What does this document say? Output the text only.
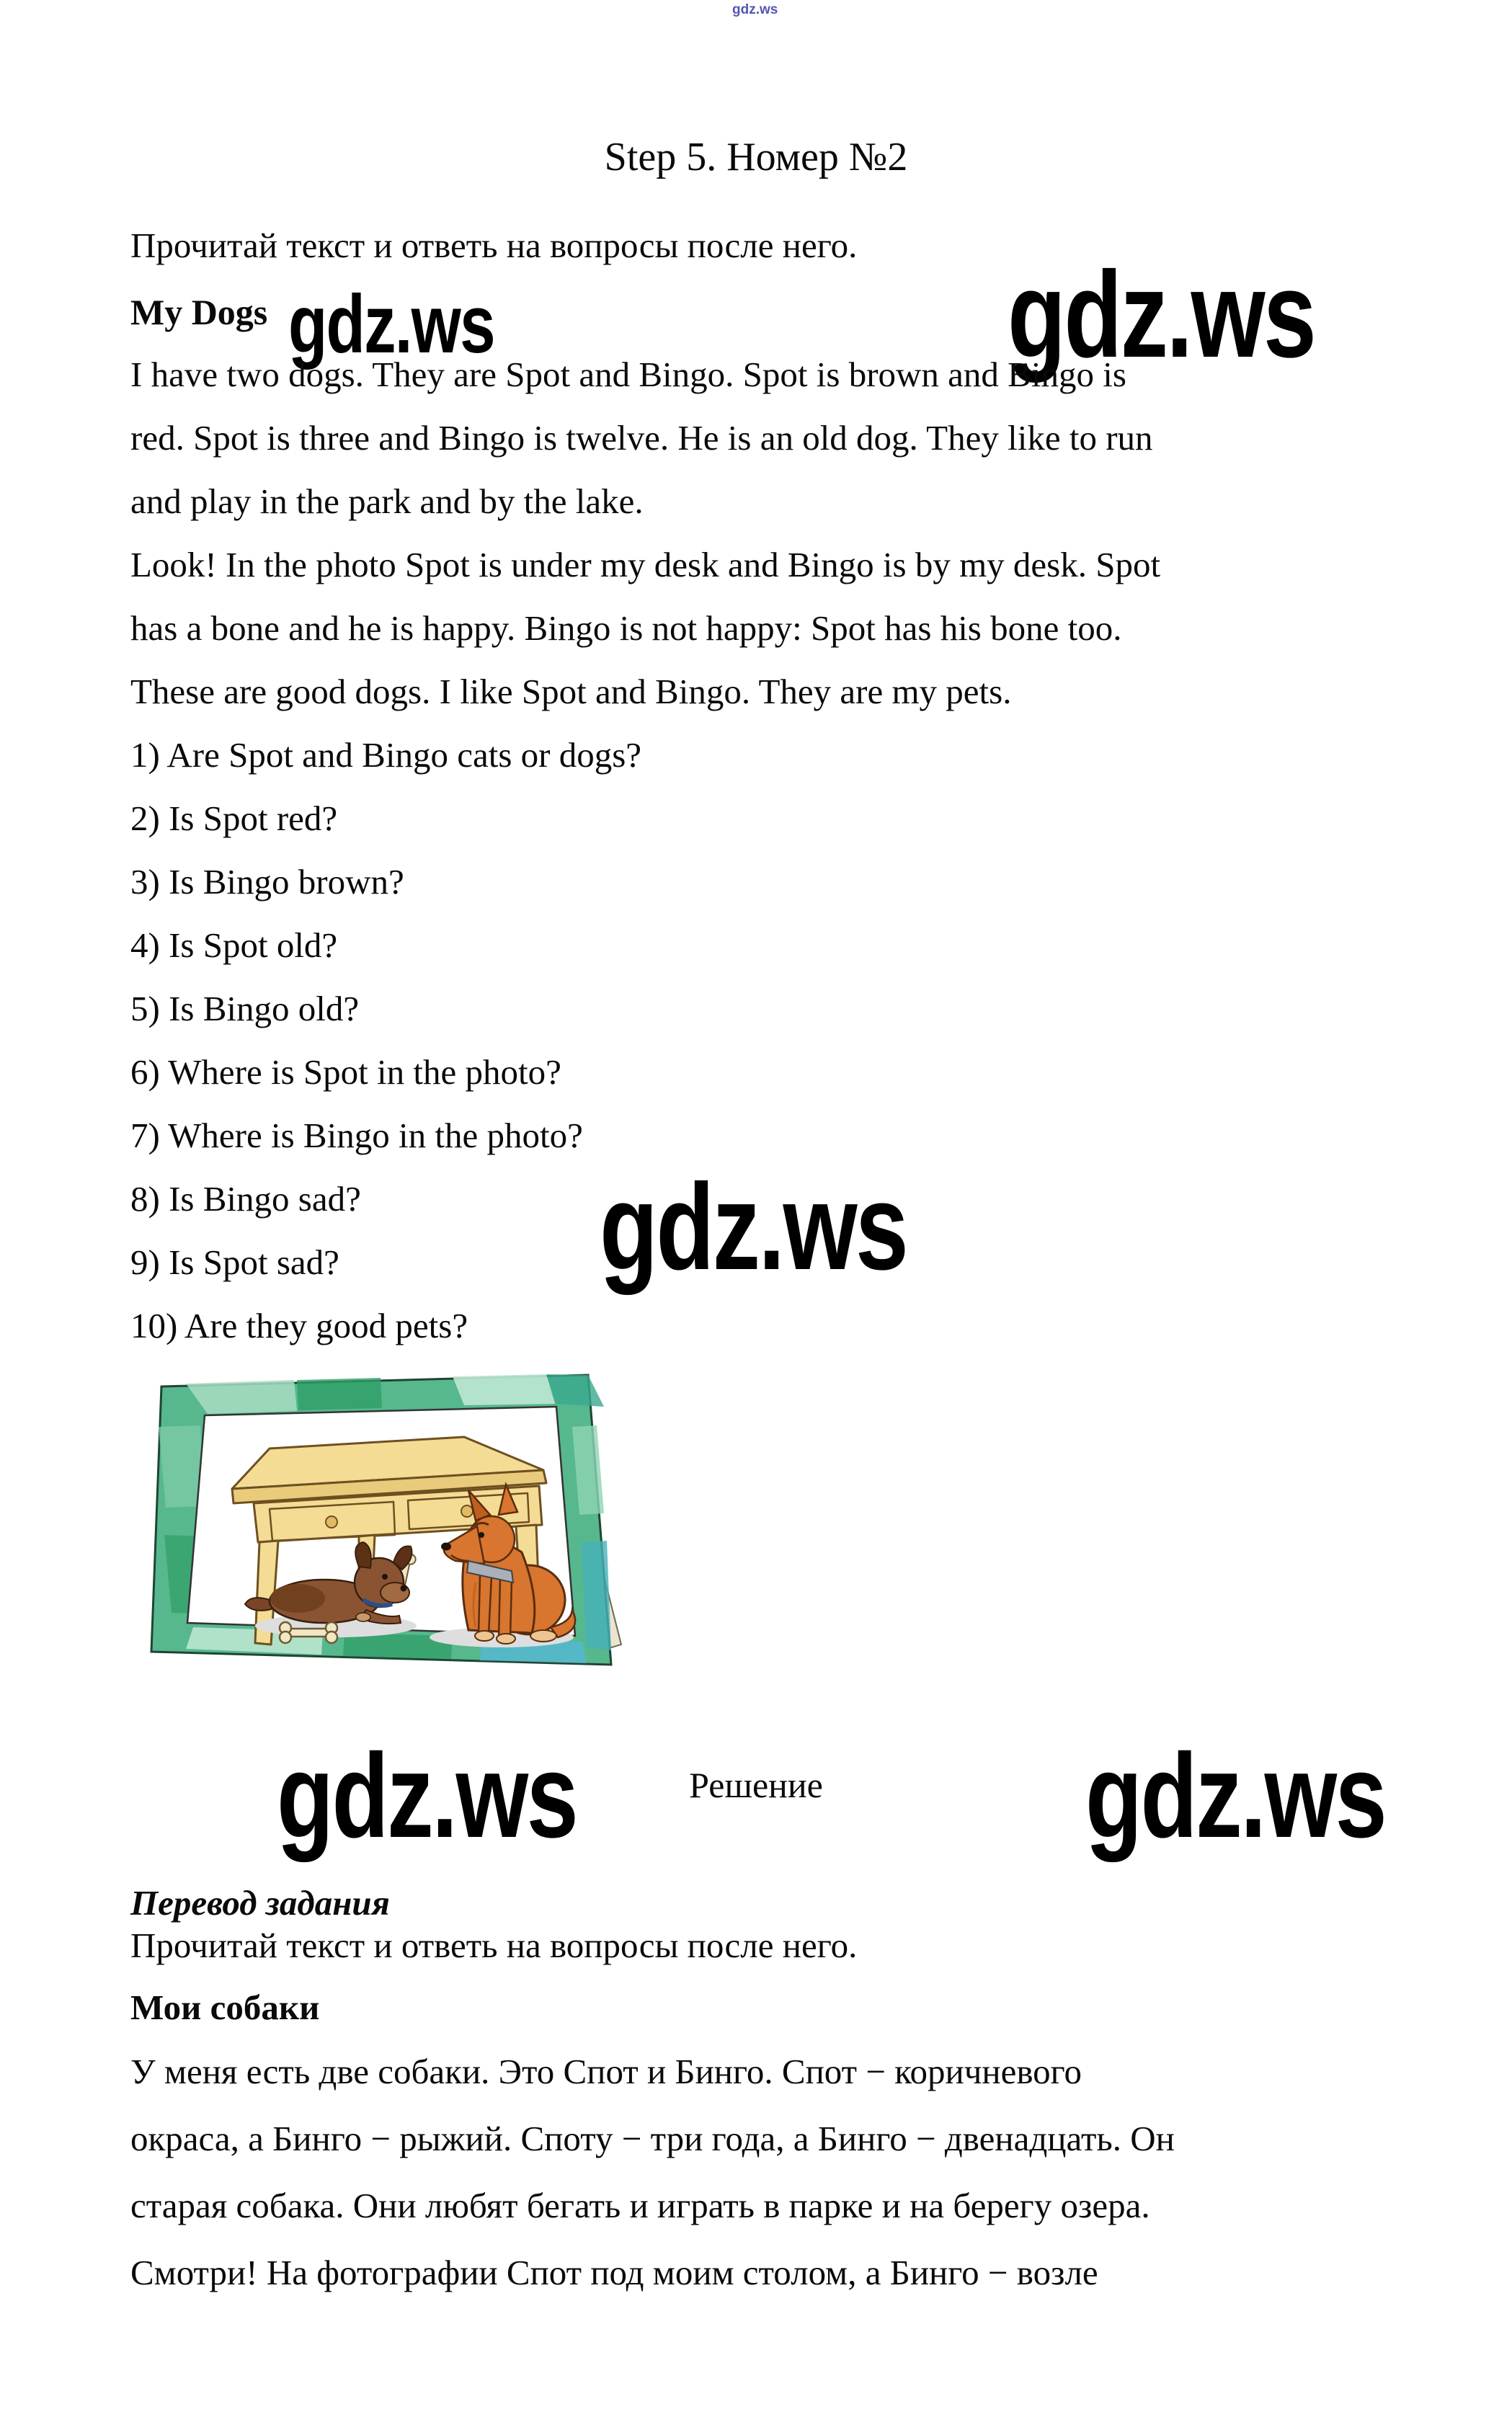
gdz.ws
Step 5. Номер №2
Прочитай текст и ответь на вопросы после него.
My Dogs gdz.ws	gdz.ws
I have two dogs. They are Spot and Bingo. Spot is brown and Bingo is
red. Spot is three and Bingo is twelve. He is an old dog. They like to run
and play in the park and by the lake.
Look! In the photo Spot is under my desk and Bingo is by my desk. Spot
has a bone and he is happy. Bingo is not happy: Spot has his bone too.
These are good dogs. I like Spot and Bingo. They are my pets.
1) Are Spot and Bingo cats or dogs?
2) Is Spot red?
3) Is Bingo brown?
4) Is Spot old?
5) Is Bingo old?
6) Where is Spot in the photo?
7) Where is Bingo in the photo?
8) Is Bingo sad?
9) Is Spot sad?
10) Are they good pets?
gdz.ws
Решение
gdz.ws	gdz.ws
Перевод задания
Прочитай текст и ответь на вопросы после него.
Мои собаки
У меня есть две собаки. Это Спот и Бинго. Спот − коричневого
окраса, а Бинго − рыжий. Споту − три года, а Бинго − двенадцать. Он
старая собака. Они любят бегать и играть в парке и на берегу озера.
Смотри! На фотографии Спот под моим столом, а Бинго − возле
